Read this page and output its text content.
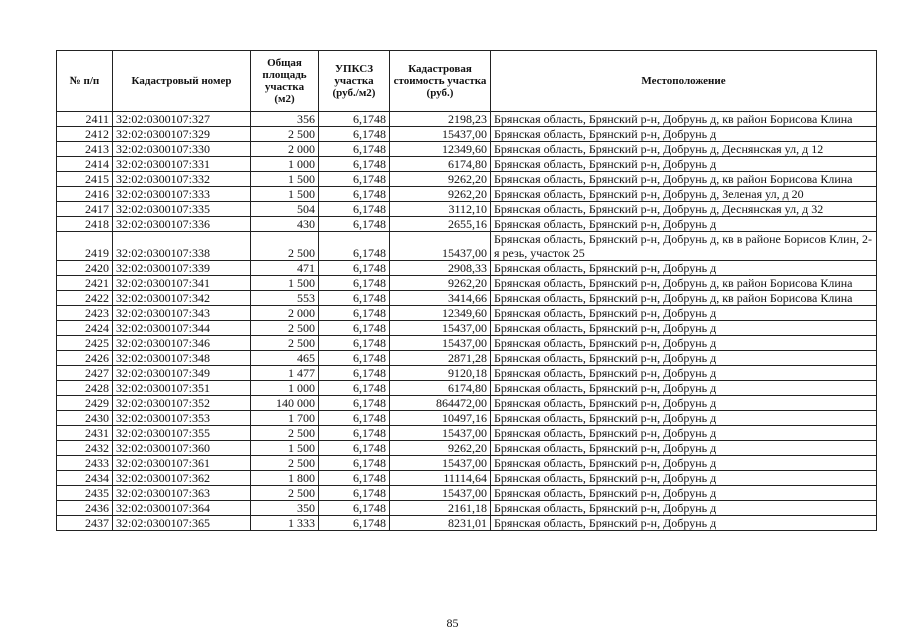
№ п/п	Кадастровый номер	Общая площадь участка (м2)	УПКСЗ участка (руб./м2)	Кадастровая стоимость участка (руб.)	Местоположение
2411	32:02:0300107:327	356	6,1748	2198,23	Брянская область, Брянский р-н, Добрунь д, кв район Борисова Клина
2412	32:02:0300107:329	2 500	6,1748	15437,00	Брянская область, Брянский р-н, Добрунь д
2413	32:02:0300107:330	2 000	6,1748	12349,60	Брянская область, Брянский р-н, Добрунь д, Деснянская ул, д 12
2414	32:02:0300107:331	1 000	6,1748	6174,80	Брянская область, Брянский р-н, Добрунь д
2415	32:02:0300107:332	1 500	6,1748	9262,20	Брянская область, Брянский р-н, Добрунь д, кв район Борисова Клина
2416	32:02:0300107:333	1 500	6,1748	9262,20	Брянская область, Брянский р-н, Добрунь д, Зеленая ул, д 20
2417	32:02:0300107:335	504	6,1748	3112,10	Брянская область, Брянский р-н, Добрунь д, Деснянская ул, д 32
2418	32:02:0300107:336	430	6,1748	2655,16	Брянская область, Брянский р-н, Добрунь д
2419	32:02:0300107:338	2 500	6,1748	15437,00	Брянская область, Брянский р-н, Добрунь д, кв в районе Борисов Клин, 2-я резь, участок 25
2420	32:02:0300107:339	471	6,1748	2908,33	Брянская область, Брянский р-н, Добрунь д
2421	32:02:0300107:341	1 500	6,1748	9262,20	Брянская область, Брянский р-н, Добрунь д, кв район Борисова Клина
2422	32:02:0300107:342	553	6,1748	3414,66	Брянская область, Брянский р-н, Добрунь д, кв район Борисова Клина
2423	32:02:0300107:343	2 000	6,1748	12349,60	Брянская область, Брянский р-н, Добрунь д
2424	32:02:0300107:344	2 500	6,1748	15437,00	Брянская область, Брянский р-н, Добрунь д
2425	32:02:0300107:346	2 500	6,1748	15437,00	Брянская область, Брянский р-н, Добрунь д
2426	32:02:0300107:348	465	6,1748	2871,28	Брянская область, Брянский р-н, Добрунь д
2427	32:02:0300107:349	1 477	6,1748	9120,18	Брянская область, Брянский р-н, Добрунь д
2428	32:02:0300107:351	1 000	6,1748	6174,80	Брянская область, Брянский р-н, Добрунь д
2429	32:02:0300107:352	140 000	6,1748	864472,00	Брянская область, Брянский р-н, Добрунь д
2430	32:02:0300107:353	1 700	6,1748	10497,16	Брянская область, Брянский р-н, Добрунь д
2431	32:02:0300107:355	2 500	6,1748	15437,00	Брянская область, Брянский р-н, Добрунь д
2432	32:02:0300107:360	1 500	6,1748	9262,20	Брянская область, Брянский р-н, Добрунь д
2433	32:02:0300107:361	2 500	6,1748	15437,00	Брянская область, Брянский р-н, Добрунь д
2434	32:02:0300107:362	1 800	6,1748	11114,64	Брянская область, Брянский р-н, Добрунь д
2435	32:02:0300107:363	2 500	6,1748	15437,00	Брянская область, Брянский р-н, Добрунь д
2436	32:02:0300107:364	350	6,1748	2161,18	Брянская область, Брянский р-н, Добрунь д
2437	32:02:0300107:365	1 333	6,1748	8231,01	Брянская область, Брянский р-н, Добрунь д
85
